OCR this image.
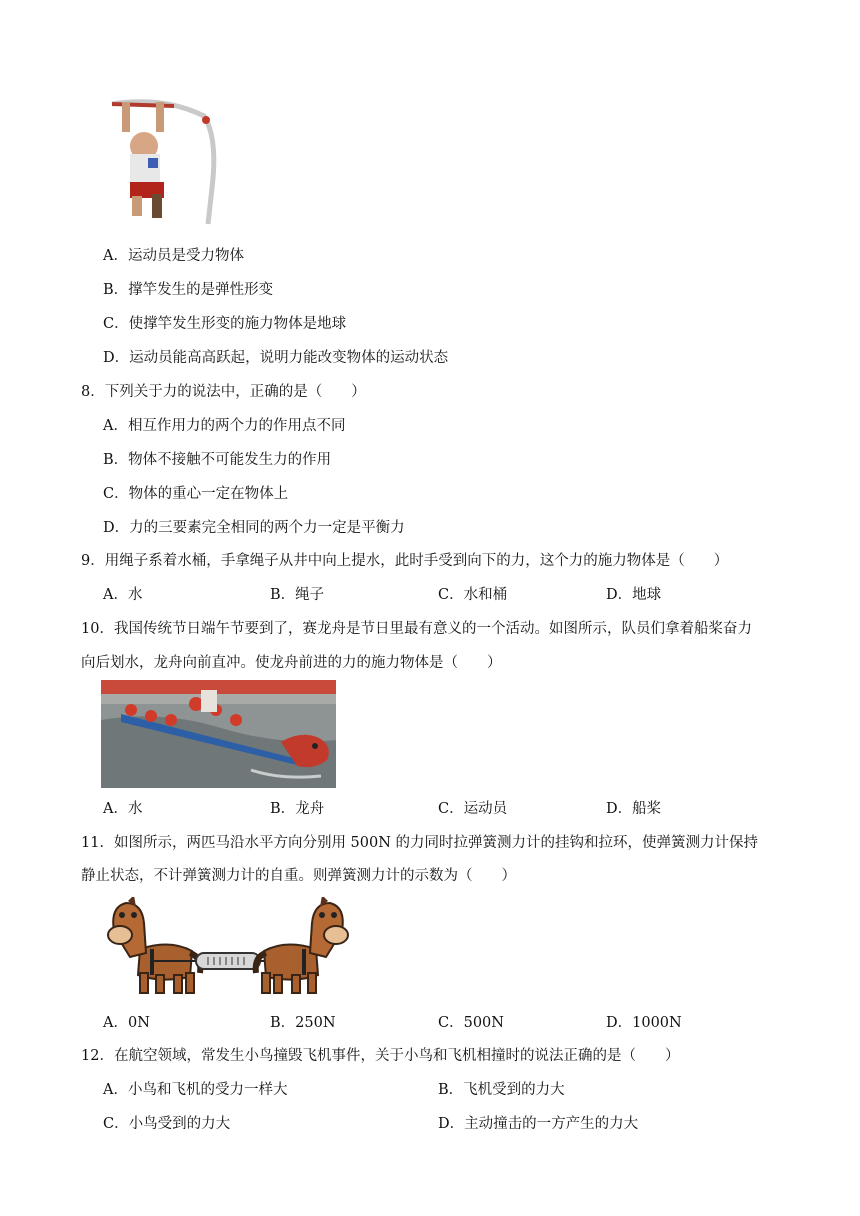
A．运动员是受力物体
B．撑竿发生的是弹性形变
C．使撑竿发生形变的施力物体是地球
D．运动员能高高跃起，说明力能改变物体的运动状态
8．下列关于力的说法中，正确的是（　　）
A．相互作用力的两个力的作用点不同
B．物体不接触不可能发生力的作用
C．物体的重心一定在物体上
D．力的三要素完全相同的两个力一定是平衡力
9．用绳子系着水桶，手拿绳子从井中向上提水，此时手受到向下的力，这个力的施力物体是（　　）
A．水	B．绳子	C．水和桶	D．地球
10．我国传统节日端午节要到了，赛龙舟是节日里最有意义的一个活动。如图所示，队员们拿着船桨奋力
向后划水，龙舟向前直冲。使龙舟前进的力的施力物体是（　　）
A．水	B．龙舟	C．运动员	D．船桨
11．如图所示，两匹马沿水平方向分别用 500N 的力同时拉弹簧测力计的挂钩和拉环，使弹簧测力计保持
静止状态，不计弹簧测力计的自重。则弹簧测力计的示数为（　　）
A．0N	B．250N	C．500N	D．1000N
12．在航空领域，常发生小鸟撞毁飞机事件，关于小鸟和飞机相撞时的说法正确的是（　　）
A．小鸟和飞机的受力一样大	B．飞机受到的力大
C．小鸟受到的力大	D．主动撞击的一方产生的力大
